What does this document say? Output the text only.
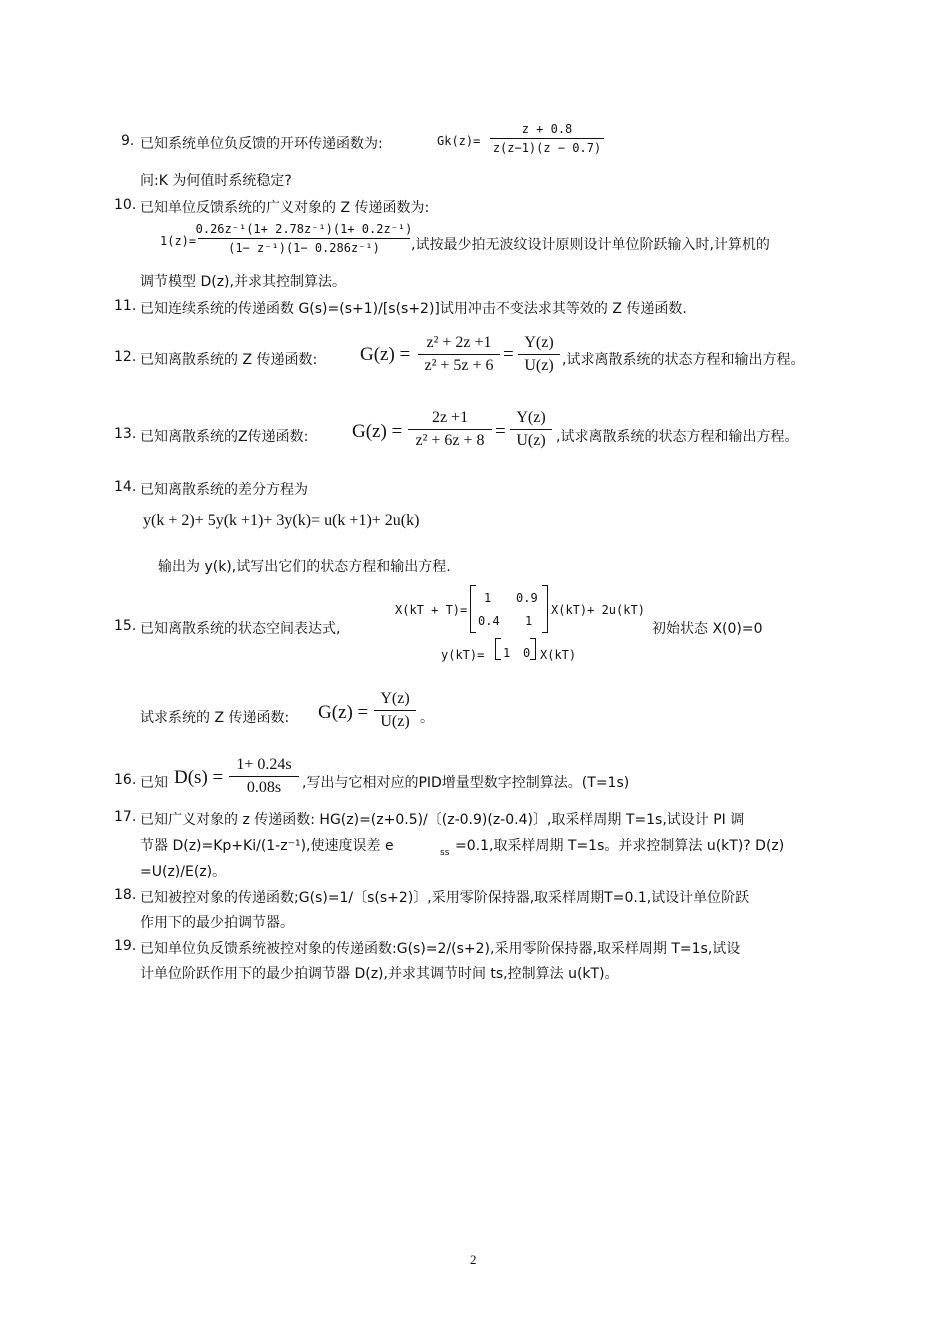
9. 已知系统单位负反馈的开环传递函数为:	Gk(z)=
z + 0.8
z(z−1)(z − 0.7)
问:K 为何值时系统稳定?
10. 已知单位反馈系统的广义对象的 Z 传递函数为:
1(z)=
0.26z⁻¹(1+ 2.78z⁻¹)(1+ 0.2z⁻¹)
(1− z⁻¹)(1− 0.286z⁻¹) ,试按最少拍无波纹设计原则设计单位阶跃输入时,计算机的
调节模型 D(z),并求其控制算法。
11. 已知连续系统的传递函数 G(s)=(s+1)/[s(s+2)]试用冲击不变法求其等效的 Z 传递函数.
12. 已知离散系统的 Z 传递函数: G(z) =
z² + 2z +1
z² + 5z + 6
=
Y(z)
U(z) ,试求离散系统的状态方程和输出方程。
13. 已知离散系统的Z传递函数: G(z) =
2z +1
z² + 6z + 8 =
Y(z)
U(z) ,试求离散系统的状态方程和输出方程。
14. 已知离散系统的差分方程为
y(k + 2)+ 5y(k +1)+ 3y(k)= u(k +1)+ 2u(k)
输出为 y(k),试写出它们的状态方程和输出方程.
15. 已知离散系统的状态空间表达式,
X(kT + T)=
1 0.9
0.4 1
X(kT)+ 2u(kT)
初始状态 X(0)=0
y(kT)= 1 0 X(kT)
试求系统的 Z 传递函数: G(z) =
Y(z)
U(z) 。
16. 已知 D(s) =
1+ 0.24s
0.08s ,写出与它相对应的PID增量型数字控制算法。(T=1s)
17. 已知广义对象的 z 传递函数: HG(z)=(z+0.5)/〔(z-0.9)(z-0.4)〕,取采样周期 T=1s,试设计 PI 调
节器 D(z)=Kp+Ki/(1-z⁻¹),使速度误差 e	ss =0.1,取采样周期 T=1s。并求控制算法 u(kT)? D(z)
=U(z)/E(z)。
18. 已知被控对象的传递函数;G(s)=1/〔s(s+2)〕,采用零阶保持器,取采样周期T=0.1,试设计单位阶跃
作用下的最少拍调节器。
19. 已知单位负反馈系统被控对象的传递函数:G(s)=2/(s+2),采用零阶保持器,取采样周期 T=1s,试设
计单位阶跃作用下的最少拍调节器 D(z),并求其调节时间 ts,控制算法 u(kT)。
2
